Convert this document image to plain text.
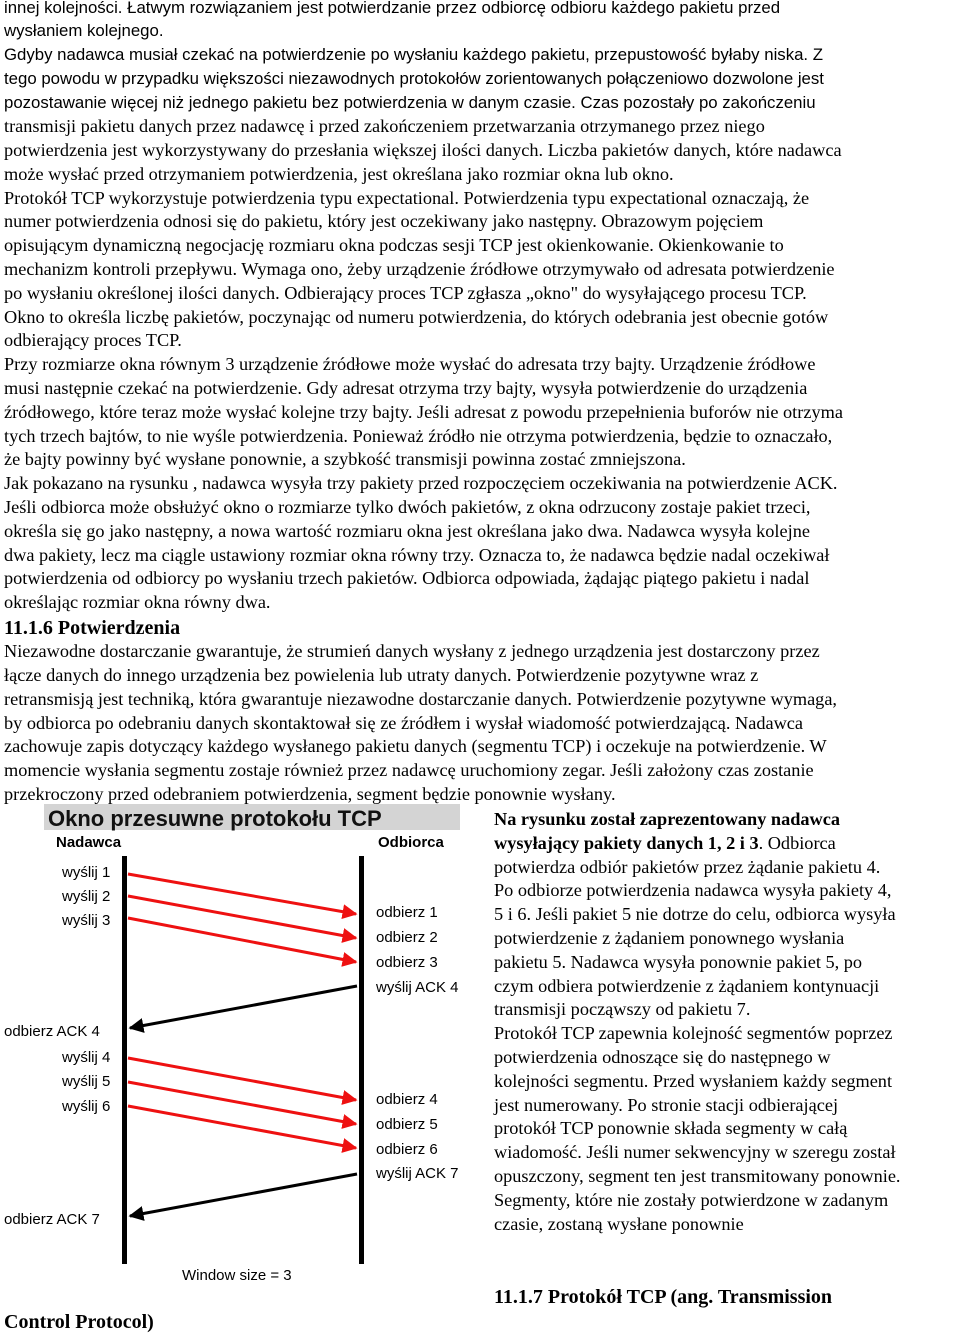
innej kolejności. Łatwym rozwiązaniem jest potwierdzanie przez odbiorcę odbioru każdego pakietu przed

wysłaniem kolejnego.

Gdyby nadawca musiał czekać na potwierdzenie po wysłaniu każdego pakietu, przepustowość byłaby niska. Z

tego powodu w przypadku większości niezawodnych protokołów zorientowanych połączeniowo dozwolone jest

pozostawanie więcej niż jednego pakietu bez potwierdzenia w danym czasie. Czas pozostały po zakończeniu

transmisji pakietu danych przez nadawcę i przed zakończeniem przetwarzania otrzymanego przez niego

potwierdzenia jest wykorzystywany do przesłania większej ilości danych. Liczba pakietów danych, które nadawca

może wysłać przed otrzymaniem potwierdzenia, jest określana jako rozmiar okna lub okno.

Protokół TCP wykorzystuje potwierdzenia typu expectational. Potwierdzenia typu expectational oznaczają, że

numer potwierdzenia odnosi się do pakietu, który jest oczekiwany jako następny. Obrazowym pojęciem

opisującym dynamiczną negocjację rozmiaru okna podczas sesji TCP jest okienkowanie. Okienkowanie to

mechanizm kontroli przepływu. Wymaga ono, żeby urządzenie źródłowe otrzymywało od adresata potwierdzenie

po wysłaniu określonej ilości danych. Odbierający proces TCP zgłasza „okno" do wysyłającego procesu TCP.

Okno to określa liczbę pakietów, poczynając od numeru potwierdzenia, do których odebrania jest obecnie gotów

odbierający proces TCP.

Przy rozmiarze okna równym 3 urządzenie źródłowe może wysłać do adresata trzy bajty. Urządzenie źródłowe

musi następnie czekać na potwierdzenie. Gdy adresat otrzyma trzy bajty, wysyła potwierdzenie do urządzenia

źródłowego, które teraz może wysłać kolejne trzy bajty. Jeśli adresat z powodu przepełnienia buforów nie otrzyma

tych trzech bajtów, to nie wyśle potwierdzenia. Ponieważ źródło nie otrzyma potwierdzenia, będzie to oznaczało,

że bajty powinny być wysłane ponownie, a szybkość transmisji powinna zostać zmniejszona.

Jak pokazano na rysunku , nadawca wysyła trzy pakiety przed rozpoczęciem oczekiwania na potwierdzenie ACK.

Jeśli odbiorca może obsłużyć okno o rozmiarze tylko dwóch pakietów, z okna odrzucony zostaje pakiet trzeci,

określa się go jako następny, a nowa wartość rozmiaru okna jest określana jako dwa. Nadawca wysyła kolejne

dwa pakiety, lecz ma ciągle ustawiony rozmiar okna równy trzy. Oznacza to, że nadawca będzie nadal oczekiwał

potwierdzenia od odbiorcy po wysłaniu trzech pakietów. Odbiorca odpowiada, żądając piątego pakietu i nadal

określając rozmiar okna równy dwa.

11.1.6 Potwierdzenia

Niezawodne dostarczanie gwarantuje, że strumień danych wysłany z jednego urządzenia jest dostarczony przez

łącze danych do innego urządzenia bez powielenia lub utraty danych. Potwierdzenie pozytywne wraz z

retransmisją jest techniką, która gwarantuje niezawodne dostarczanie danych. Potwierdzenie pozytywne wymaga,

by odbiorca po odebraniu danych skontaktował się ze źródłem i wysłał wiadomość potwierdzającą. Nadawca

zachowuje zapis dotyczący każdego wysłanego pakietu danych (segmentu TCP) i oczekuje na potwierdzenie. W

momencie wysłania segmentu zostaje również przez nadawcę uruchomiony zegar. Jeśli założony czas zostanie

przekroczony przed odebraniem potwierdzenia, segment będzie ponownie wysłany.

Okno przesuwne protokołu TCP
Nadawca	Odbiorca
wyślij 1
wyślij 2
wyślij 3	odbierz 1
odbierz 2
odbierz 3
wyślij ACK 4
odbierz ACK 4
wyślij 4
wyślij 5
wyślij 6	odbierz 4
odbierz 5
odbierz 6
wyślij ACK 7
odbierz ACK 7
Window size = 3

Na rysunku został zaprezentowany nadawca

wysyłający pakiety danych 1, 2 i 3. Odbiorca

potwierdza odbiór pakietów przez żądanie pakietu 4.

Po odbiorze potwierdzenia nadawca wysyła pakiety 4,

5 i 6. Jeśli pakiet 5 nie dotrze do celu, odbiorca wysyła

potwierdzenie z żądaniem ponownego wysłania

pakietu 5. Nadawca wysyła ponownie pakiet 5, po

czym odbiera potwierdzenie z żądaniem kontynuacji

transmisji począwszy od pakietu 7.

Protokół TCP zapewnia kolejność segmentów poprzez

potwierdzenia odnoszące się do następnego w

kolejności segmentu. Przed wysłaniem każdy segment

jest numerowany. Po stronie stacji odbierającej

protokół TCP ponownie składa segmenty w całą

wiadomość. Jeśli numer sekwencyjny w szeregu został

opuszczony, segment ten jest transmitowany ponownie.

Segmenty, które nie zostały potwierdzone w zadanym

czasie, zostaną wysłane ponownie

11.1.7 Protokół TCP (ang. Transmission
Control Protocol)
